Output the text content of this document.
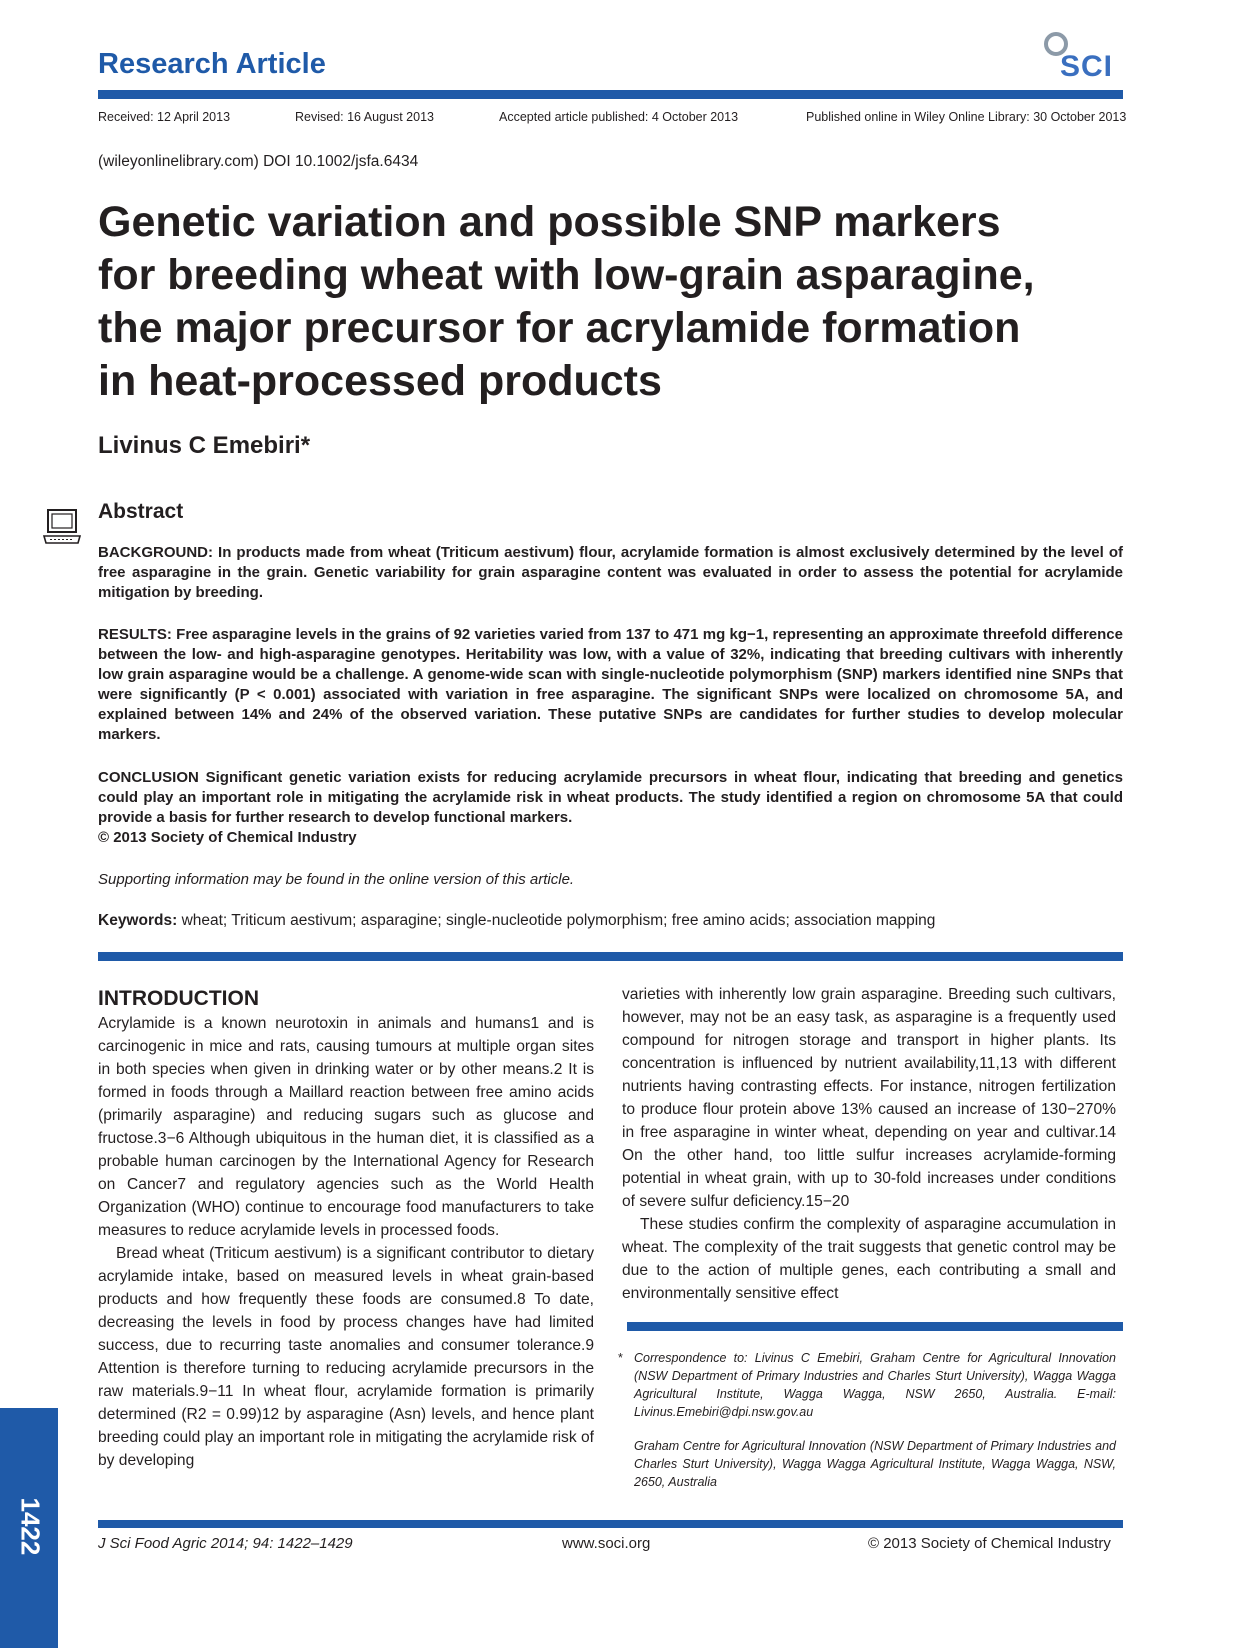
Research Article	SCI
Received: 12 April 2013	Revised: 16 August 2013	Accepted article published: 4 October 2013	Published online in Wiley Online Library: 30 October 2013
(wileyonlinelibrary.com) DOI 10.1002/jsfa.6434
Genetic variation and possible SNP markers
for breeding wheat with low-grain asparagine,
the major precursor for acrylamide formation
in heat-processed products
Livinus C Emebiri*
Abstract
BACKGROUND: In products made from wheat (Triticum aestivum) flour, acrylamide formation is almost exclusively determined by the level of free asparagine in the grain. Genetic variability for grain asparagine content was evaluated in order to assess the potential for acrylamide mitigation by breeding.
RESULTS: Free asparagine levels in the grains of 92 varieties varied from 137 to 471 mg kg−1, representing an approximate threefold difference between the low- and high-asparagine genotypes. Heritability was low, with a value of 32%, indicating that breeding cultivars with inherently low grain asparagine would be a challenge. A genome-wide scan with single-nucleotide polymorphism (SNP) markers identified nine SNPs that were significantly (P < 0.001) associated with variation in free asparagine. The significant SNPs were localized on chromosome 5A, and explained between 14% and 24% of the observed variation. These putative SNPs are candidates for further studies to develop molecular markers.
CONCLUSION Significant genetic variation exists for reducing acrylamide precursors in wheat flour, indicating that breeding and genetics could play an important role in mitigating the acrylamide risk in wheat products. The study identified a region on chromosome 5A that could provide a basis for further research to develop functional markers.
© 2013 Society of Chemical Industry
Supporting information may be found in the online version of this article.
Keywords: wheat; Triticum aestivum; asparagine; single-nucleotide polymorphism; free amino acids; association mapping
INTRODUCTION

Acrylamide is a known neurotoxin in animals and humans1 and is carcinogenic in mice and rats, causing tumours at multiple organ sites in both species when given in drinking water or by other means.2 It is formed in foods through a Maillard reaction between free amino acids (primarily asparagine) and reducing sugars such as glucose and fructose.3−6 Although ubiquitous in the human diet, it is classified as a probable human carcinogen by the International Agency for Research on Cancer7 and regulatory agencies such as the World Health Organization (WHO) continue to encourage food manufacturers to take measures to reduce acrylamide levels in processed foods.

Bread wheat (Triticum aestivum) is a significant contributor to dietary acrylamide intake, based on measured levels in wheat grain-based products and how frequently these foods are consumed.8 To date, decreasing the levels in food by process changes have had limited success, due to recurring taste anomalies and consumer tolerance.9 Attention is therefore turning to reducing acrylamide precursors in the raw materials.9−11 In wheat flour, acrylamide formation is primarily determined (R2 = 0.99)12 by asparagine (Asn) levels, and hence plant breeding could play an important role in mitigating the acrylamide risk of by developing

varieties with inherently low grain asparagine. Breeding such cultivars, however, may not be an easy task, as asparagine is a frequently used compound for nitrogen storage and transport in higher plants. Its concentration is influenced by nutrient availability,11,13 with different nutrients having contrasting effects. For instance, nitrogen fertilization to produce flour protein above 13% caused an increase of 130−270% in free asparagine in winter wheat, depending on year and cultivar.14 On the other hand, too little sulfur increases acrylamide-forming potential in wheat grain, with up to 30-fold increases under conditions of severe sulfur deficiency.15−20

These studies confirm the complexity of asparagine accumulation in wheat. The complexity of the trait suggests that genetic control may be due to the action of multiple genes, each contributing a small and environmentally sensitive effect

* Correspondence to: Livinus C Emebiri, Graham Centre for Agricultural Innovation (NSW Department of Primary Industries and Charles Sturt University), Wagga Wagga Agricultural Institute, Wagga Wagga, NSW 2650, Australia. E-mail: Livinus.Emebiri@dpi.nsw.gov.au

Graham Centre for Agricultural Innovation (NSW Department of Primary Industries and Charles Sturt University), Wagga Wagga Agricultural Institute, Wagga Wagga, NSW, 2650, Australia

1422	J Sci Food Agric 2014; 94: 1422–1429	www.soci.org	© 2013 Society of Chemical Industry
